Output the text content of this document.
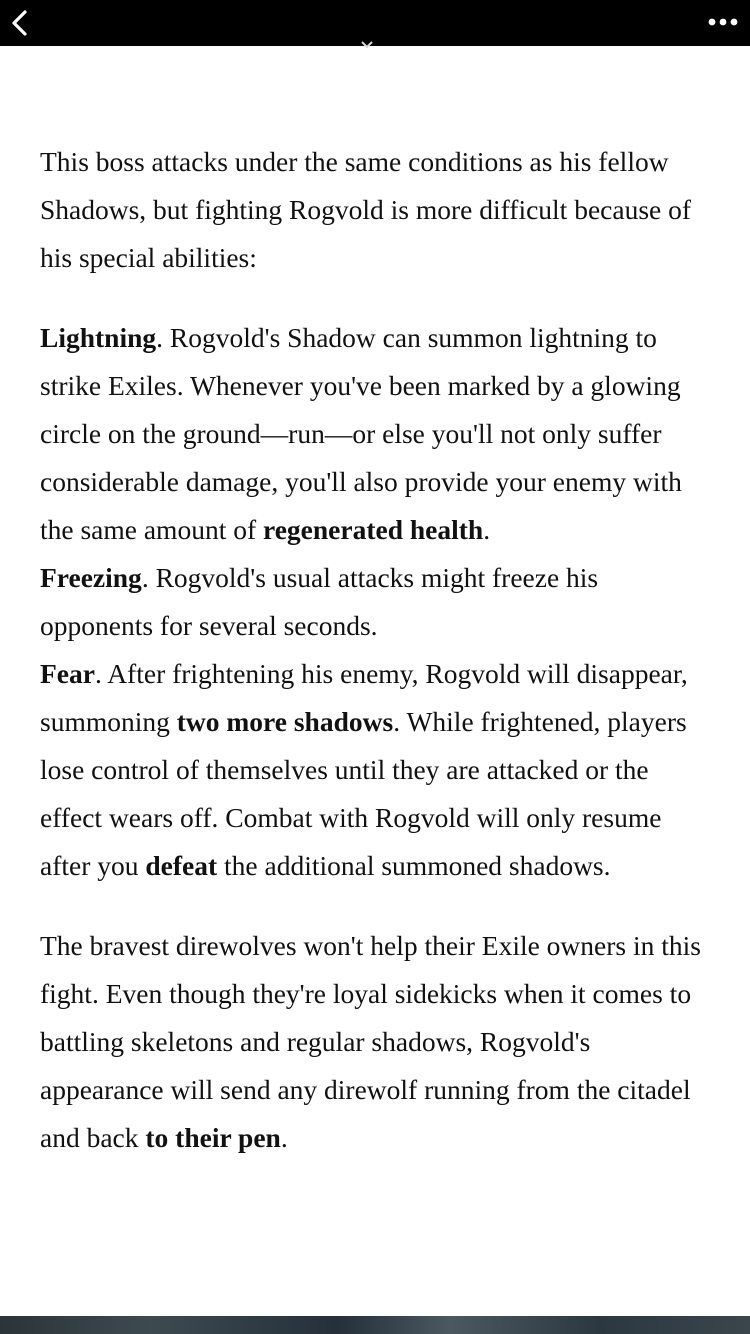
This boss attacks under the same conditions as his fellow Shadows, but fighting Rogvold is more difficult because of his special abilities:

Lightning. Rogvold's Shadow can summon lightning to strike Exiles. Whenever you've been marked by a glowing circle on the ground—run—or else you'll not only suffer considerable damage, you'll also provide your enemy with the same amount of regenerated health.

Freezing. Rogvold's usual attacks might freeze his opponents for several seconds.

Fear. After frightening his enemy, Rogvold will disappear, summoning two more shadows. While frightened, players lose control of themselves until they are attacked or the effect wears off. Combat with Rogvold will only resume after you defeat the additional summoned shadows.

The bravest direwolves won't help their Exile owners in this fight. Even though they're loyal sidekicks when it comes to battling skeletons and regular shadows, Rogvold's appearance will send any direwolf running from the citadel and back to their pen.
